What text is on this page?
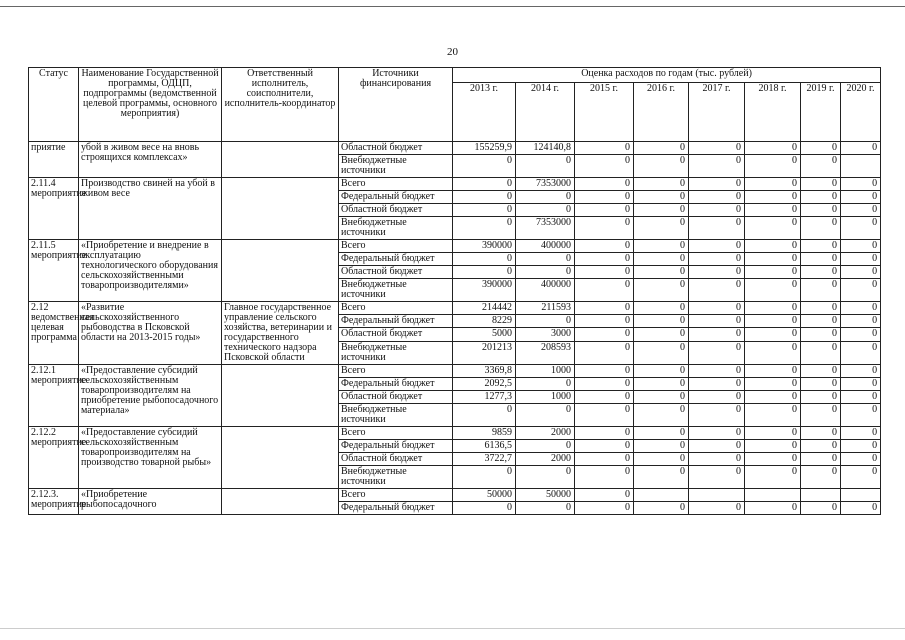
20
Статус	Наименование Государственной программы, ОДЦП, подпрограммы (ведомственной целевой программы, основного мероприятия)	Ответственный исполнитель, соисполнители, исполнитель-координатор	Источники финансирования	Оценка расходов по годам (тыс. рублей)							
				2013 г.	2014 г.	2015 г.	2016 г.	2017 г.	2018 г.	2019 г.	2020 г.
приятие	убой в живом весе на вновь строящихся комплексах»		Областной бюджет	155259,9	124140,8	0	0	0	0	0	0
			Внебюджетные источники	0	0	0	0	0	0	0	
2.11.4 мероприятие	Производство свиней на убой в живом весе		Всего	0	7353000	0	0	0	0	0	0
			Федеральный бюджет	0	0	0	0	0	0	0	0
			Областной бюджет	0	0	0	0	0	0	0	0
			Внебюджетные источники	0	7353000	0	0	0	0	0	0
2.11.5 мероприятие	«Приобретение и внедрение в эксплуатацию технологического оборудования сельскохозяйственными товаропроизводителями»		Всего	390000	400000	0	0	0	0	0	0
			Федеральный бюджет	0	0	0	0	0	0	0	0
			Областной бюджет	0	0	0	0	0	0	0	0
			Внебюджетные источники	390000	400000	0	0	0	0	0	0
2.12 ведомственная целевая программа	«Развитие сельскохозяйственного рыбоводства в Псковской области на 2013-2015 годы»	Главное государственное управление сельского хозяйства, ветеринарии и государственного технического надзора Псковской области	Всего	214442	211593	0	0	0	0	0	0
			Федеральный бюджет	8229	0	0	0	0	0	0	0
			Областной бюджет	5000	3000	0	0	0	0	0	0
			Внебюджетные источники	201213	208593	0	0	0	0	0	0
2.12.1 мероприятие	«Предоставление субсидий сельскохозяйственным товаропроизводителям на приобретение рыбопосадочного материала»		Всего	3369,8	1000	0	0	0	0	0	0
			Федеральный бюджет	2092,5	0	0	0	0	0	0	0
			Областной бюджет	1277,3	1000	0	0	0	0	0	0
			Внебюджетные источники	0	0	0	0	0	0	0	0
2.12.2 мероприятие	«Предоставление субсидий сельскохозяйственным товаропроизводителям на производство товарной рыбы»		Всего	9859	2000	0	0	0	0	0	0
			Федеральный бюджет	6136,5	0	0	0	0	0	0	0
			Областной бюджет	3722,7	2000	0	0	0	0	0	0
			Внебюджетные источники	0	0	0	0	0	0	0	0
2.12.3. мероприятие	«Приобретение рыбопосадочного		Всего	50000	50000	0					
			Федеральный бюджет	0	0	0	0	0	0	0	0
